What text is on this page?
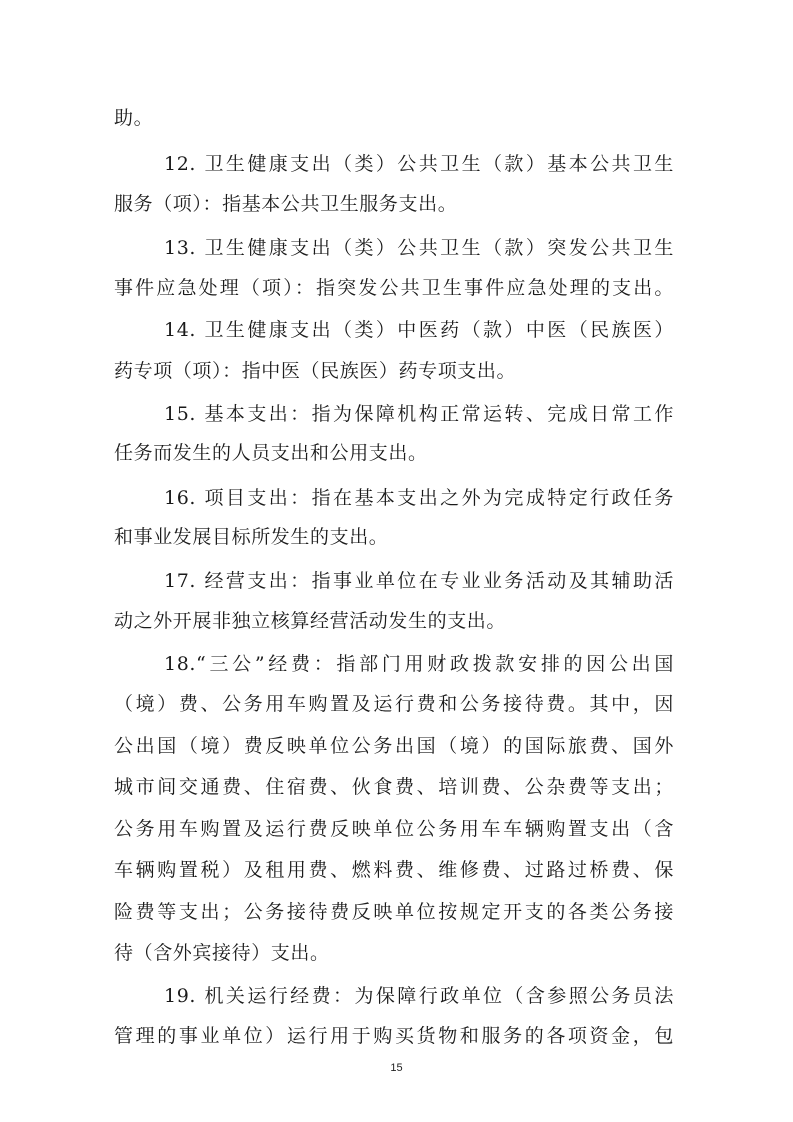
助。
12. 卫生健康支出（类）公共卫生（款）基本公共卫生
服务（项）：指基本公共卫生服务支出。
13. 卫生健康支出（类）公共卫生（款）突发公共卫生
事件应急处理（项）：指突发公共卫生事件应急处理的支出。
14. 卫生健康支出（类）中医药（款）中医（民族医）
药专项（项）：指中医（民族医）药专项支出。
15. 基本支出：指为保障机构正常运转、完成日常工作
任务而发生的人员支出和公用支出。
16. 项目支出：指在基本支出之外为完成特定行政任务
和事业发展目标所发生的支出。
17. 经营支出：指事业单位在专业业务活动及其辅助活
动之外开展非独立核算经营活动发生的支出。
18.“三公”经费：指部门用财政拨款安排的因公出国
（境）费、公务用车购置及运行费和公务接待费。其中，因
公出国（境）费反映单位公务出国（境）的国际旅费、国外
城市间交通费、住宿费、伙食费、培训费、公杂费等支出；
公务用车购置及运行费反映单位公务用车车辆购置支出（含
车辆购置税）及租用费、燃料费、维修费、过路过桥费、保
险费等支出；公务接待费反映单位按规定开支的各类公务接
待（含外宾接待）支出。
19. 机关运行经费：为保障行政单位（含参照公务员法
管理的事业单位）运行用于购买货物和服务的各项资金，包
15
